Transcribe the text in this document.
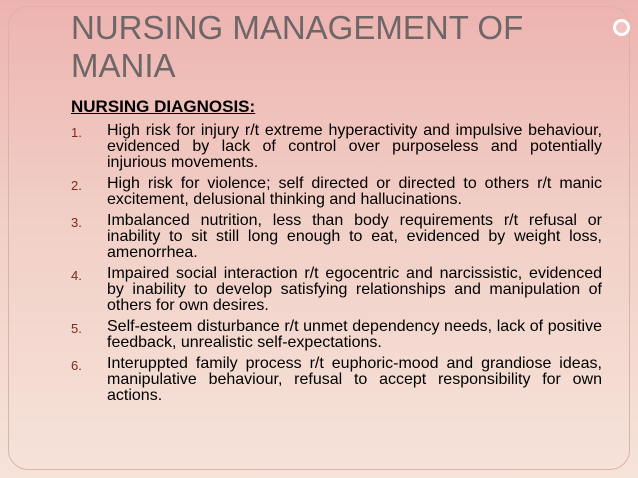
NURSING MANAGEMENT OF MANIA
NURSING DIAGNOSIS:
1.	High risk for injury r/t extreme hyperactivity and impulsive behaviour, evidenced by lack of control over purposeless and potentially injurious movements.
2.	High risk for violence; self directed or directed to others r/t manic excitement, delusional thinking and hallucinations.
3.	Imbalanced nutrition, less than body requirements r/t refusal or inability to sit still long enough to eat, evidenced by weight loss, amenorrhea.
4.	Impaired social interaction r/t egocentric and narcissistic, evidenced by inability to develop satisfying relationships and manipulation of others for own desires.
5.	Self-esteem disturbance r/t unmet dependency needs, lack of positive feedback, unrealistic self-expectations.
6.	Interuppted family process r/t euphoric-mood and grandiose ideas, manipulative behaviour, refusal to accept responsibility for own actions.
